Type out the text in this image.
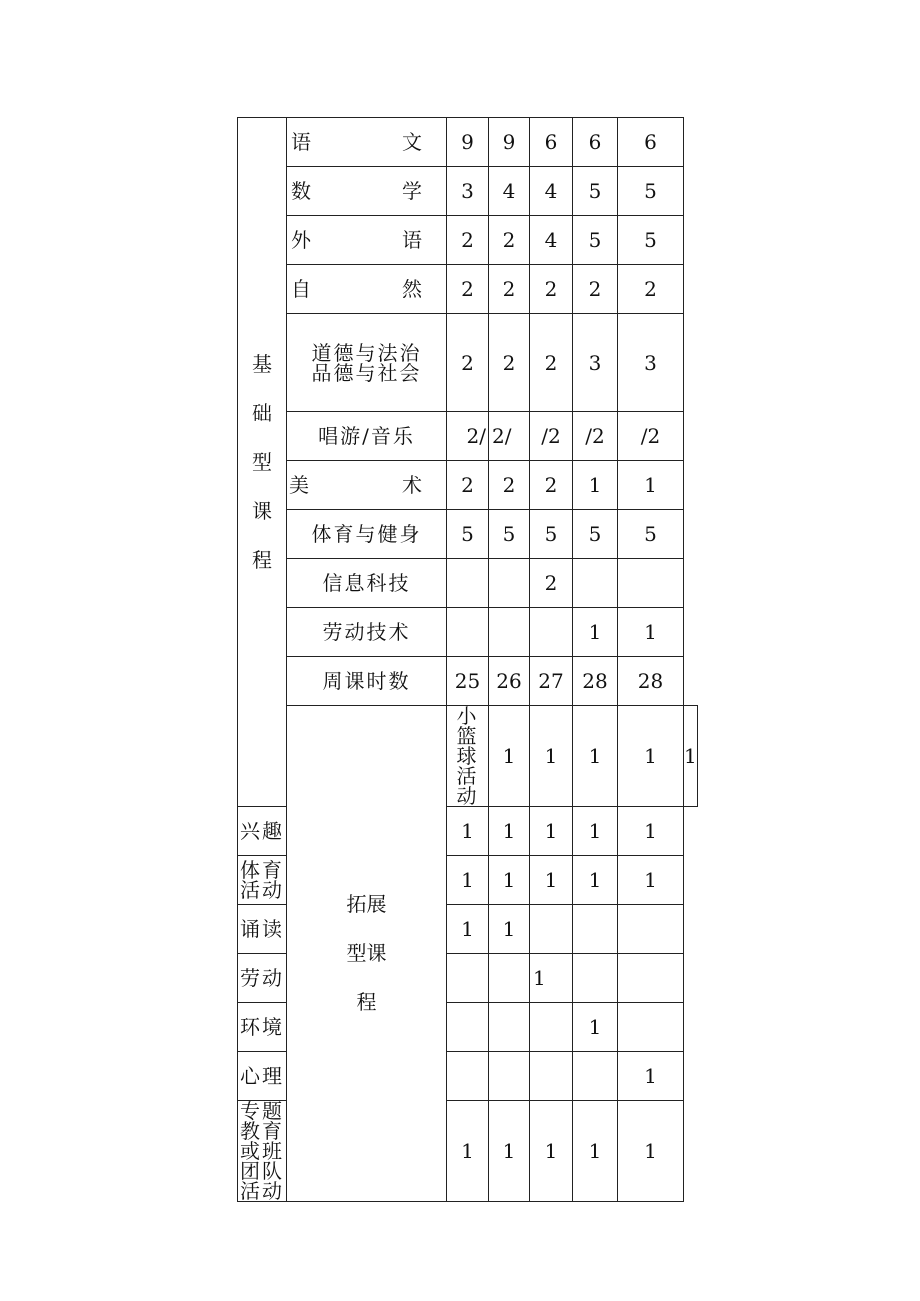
基础型课程	语 文	9	9	6	6	6	

	数 学	3	4	4	5	5	

	外 语	2	2	4	5	5	

	自 然	2	2	2	2	2	

	道德与法治
品德与社会	2	2	2	3	3	
	唱游/音乐	2/	2/	/2	/2	/2	

	美 术	2	2	2	1	1	
	体育与健身	5	5	5	5	5	
	信息科技			2			
	劳动技术				1	1	
	周课时数	25	26	27	28	28	
	拓展型课程	小篮球活动	1	1	1	1	1
兴趣		1	1	1	1	1	
体育活动		1	1	1	1	1	
诵读		1	1				
劳动				1			
环境					1		
心理						1	

专题教育
或班团队活动		1	1	1	1	1	
